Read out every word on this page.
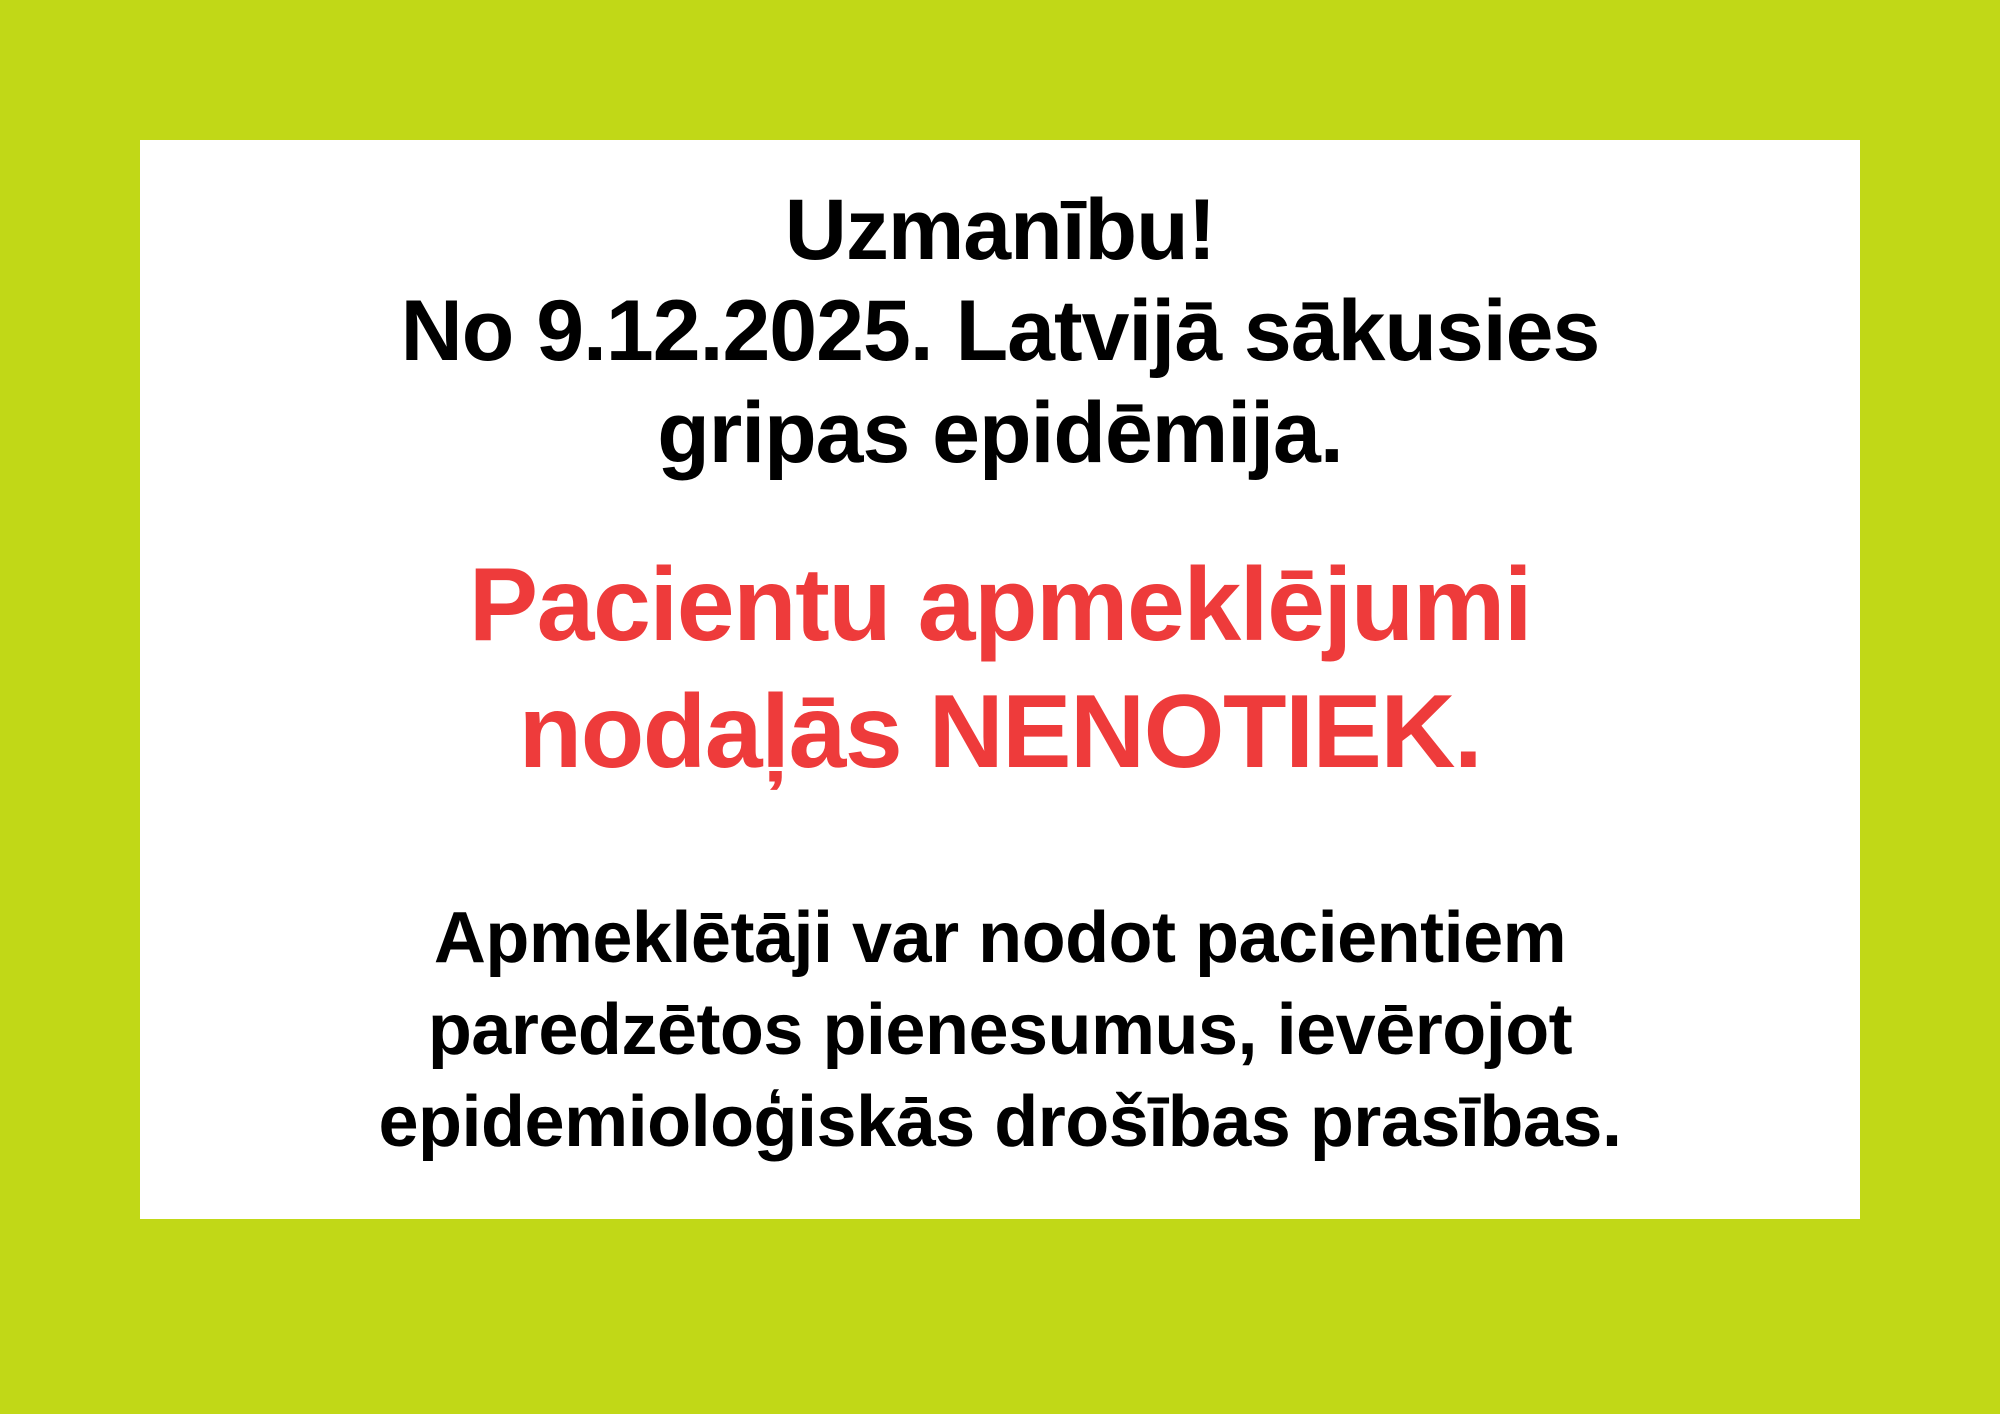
Uzmanību!
No 9.12.2025. Latvijā sākusies
gripas epidēmija.
Pacientu apmeklējumi
nodaļās NENOTIEK.
Apmeklētāji var nodot pacientiem
paredzētos pienesumus, ievērojot
epidemioloģiskās drošības prasības.
